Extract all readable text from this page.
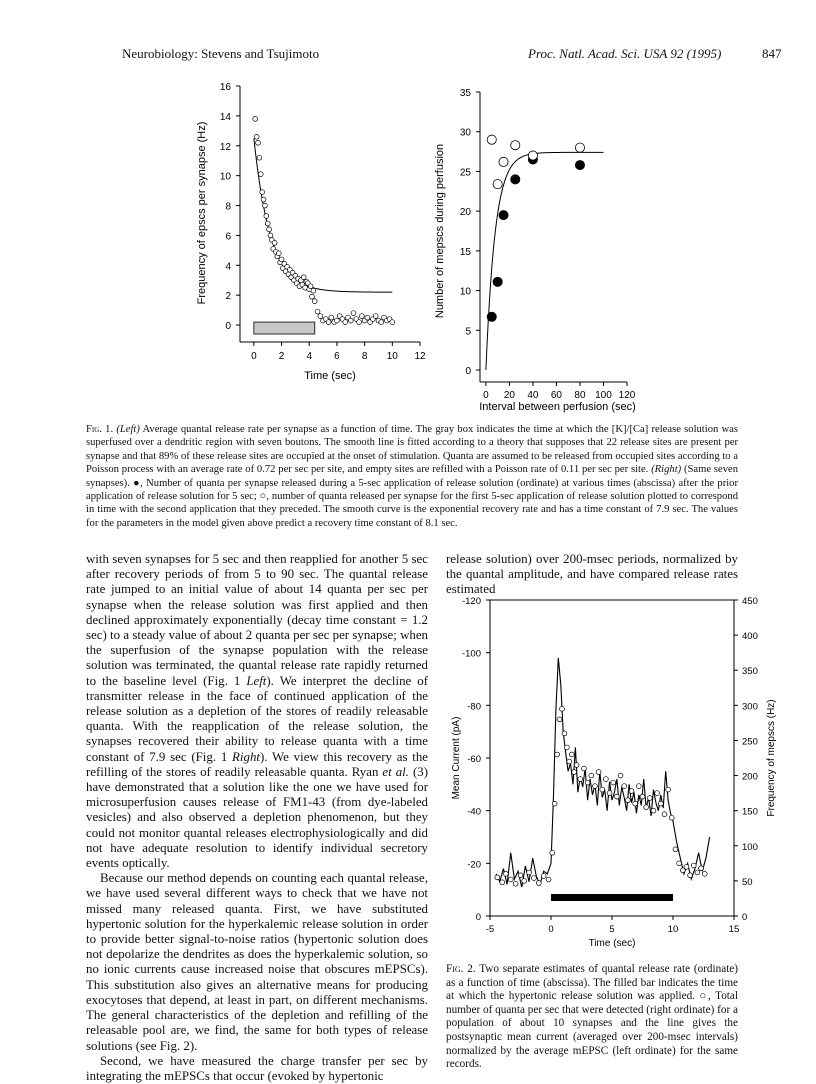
Neurobiology: Stevens and Tsujimoto	Proc. Natl. Acad. Sci. USA 92 (1995)	847
0
2
4
6
8
10
12
14
16
0 2 4 6 8 10 12
Time (sec)
Frequency of epscs per synapse (Hz)
0
5
10
15
20
25
30
35
0 20 40 60 80 100 120
Interval between perfusion (sec)
Number of mepscs during perfusion
Fig. 1. (Left) Average quantal release rate per synapse as a function of time. The gray box indicates the time at which the [K]/[Ca] release solution was superfused over a dendritic region with seven boutons. The smooth line is fitted according to a theory that supposes that 22 release sites are present per synapse and that 89% of these release sites are occupied at the onset of stimulation. Quanta are assumed to be released from occupied sites according to a Poisson process with an average rate of 0.72 per sec per site, and empty sites are refilled with a Poisson rate of 0.11 per sec per site. (Right) (Same seven synapses). ●, Number of quanta per synapse released during a 5-sec application of release solution (ordinate) at various times (abscissa) after the prior application of release solution for 5 sec; ○, number of quanta released per synapse for the first 5-sec application of release solution plotted to correspond in time with the second application that they preceded. The smooth curve is the exponential recovery rate and has a time constant of 7.9 sec. The values for the parameters in the model given above predict a recovery time constant of 8.1 sec.

with seven synapses for 5 sec and then reapplied for another 5 sec after recovery periods of from 5 to 90 sec. The quantal release rate jumped to an initial value of about 14 quanta per sec per synapse when the release solution was first applied and then declined approximately exponentially (decay time constant = 1.2 sec) to a steady value of about 2 quanta per sec per synapse; when the superfusion of the synapse population with the release solution was terminated, the quantal release rate rapidly returned to the baseline level (Fig. 1 Left). We interpret the decline of transmitter release in the face of continued application of the release solution as a depletion of the stores of readily releasable quanta. With the reapplication of the release solution, the synapses recovered their ability to release quanta with a time constant of 7.9 sec (Fig. 1 Right). We view this recovery as the refilling of the stores of readily releasable quanta. Ryan et al. (3) have demonstrated that a solution like the one we have used for microsuperfusion causes release of FM1-43 (from dye-labeled vesicles) and also observed a depletion phenomenon, but they could not monitor quantal releases electrophysiologically and did not have adequate resolution to identify individual secretory events optically.

Because our method depends on counting each quantal release, we have used several different ways to check that we have not missed many released quanta. First, we have substituted hypertonic solution for the hyperkalemic release solution in order to provide better signal-to-noise ratios (hypertonic solution does not depolarize the dendrites as does the hyperkalemic solution, so no ionic currents cause increased noise that obscures mEPSCs). This substitution also gives an alternative means for producing exocytoses that depend, at least in part, on different mechanisms. The general characteristics of the depletion and refilling of the releasable pool are, we find, the same for both types of release solutions (see Fig. 2).

Second, we have measured the charge transfer per sec by integrating the mEPSCs that occur (evoked by hypertonic

release solution) over 200-msec periods, normalized by the quantal amplitude, and have compared release rates estimated
0
-20
-40
-60
-80
-100
-120
0
50
100
150
200
250
300
350
400
450
-5	0	5	10	15
Time (sec)
Mean Current (pA)	Frequency of mepscs (Hz)
Fig. 2. Two separate estimates of quantal release rate (ordinate) as a function of time (abscissa). The filled bar indicates the time at which the hypertonic release solution was applied. ○, Total number of quanta per sec that were detected (right ordinate) for a population of about 10 synapses and the line gives the postsynaptic mean current (averaged over 200-msec intervals) normalized by the average mEPSC (left ordinate) for the same records.
